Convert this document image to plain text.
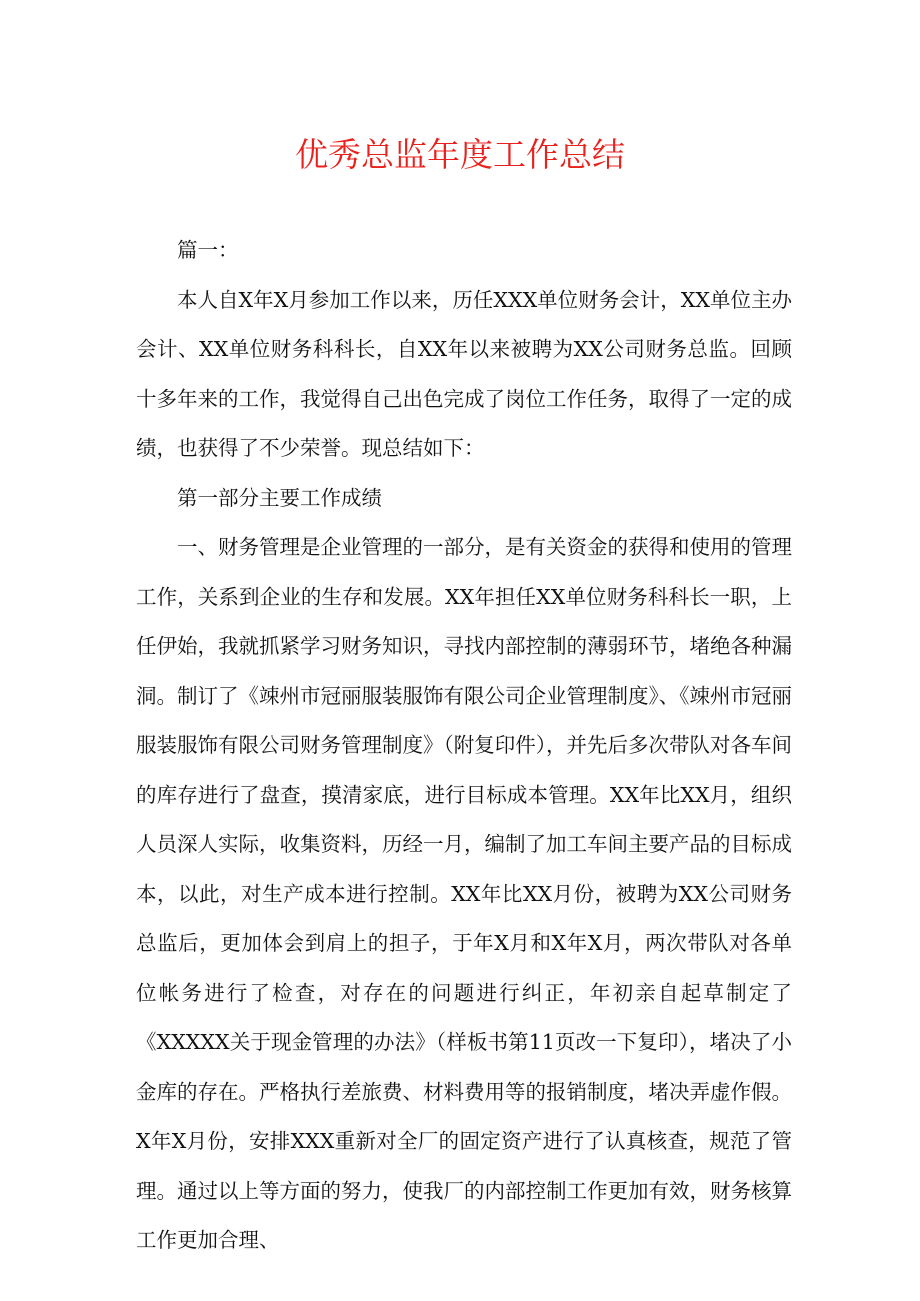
优秀总监年度工作总结

篇一：

本人自X年X月参加工作以来，历任XXX单位财务会计，XX单位主办会计、XX单位财务科科长，自XX年以来被聘为XX公司财务总监。回顾十多年来的工作，我觉得自己出色完成了岗位工作任务，取得了一定的成绩，也获得了不少荣誉。现总结如下：

第一部分主要工作成绩

一、财务管理是企业管理的一部分，是有关资金的获得和使用的管理工作，关系到企业的生存和发展。XX年担任XX单位财务科科长一职，上任伊始，我就抓紧学习财务知识，寻找内部控制的薄弱环节，堵绝各种漏洞。制订了《竦州市冠丽服装服饰有限公司企业管理制度》、《竦州市冠丽服装服饰有限公司财务管理制度》（附复印件），并先后多次带队对各车间的库存进行了盘查，摸清家底，进行目标成本管理。XX年比XX月，组织人员深人实际，收集资料，历经一月，编制了加工车间主要产品的目标成本，以此，对生产成本进行控制。XX年比XX月份，被聘为XX公司财务总监后，更加体会到肩上的担子，于年X月和X年X月，两次带队对各单位帐务进行了检查，对存在的问题进行纠正，年初亲自起草制定了《XXXXX关于现金管理的办法》（样板书第11页改一下复印），堵决了小金库的存在。严格执行差旅费、材料费用等的报销制度，堵决弄虚作假。X年X月份，安排XXX重新对全厂的固定资产进行了认真核查，规范了管理。通过以上等方面的努力，使我厂的内部控制工作更加有效，财务核算工作更加合理、
